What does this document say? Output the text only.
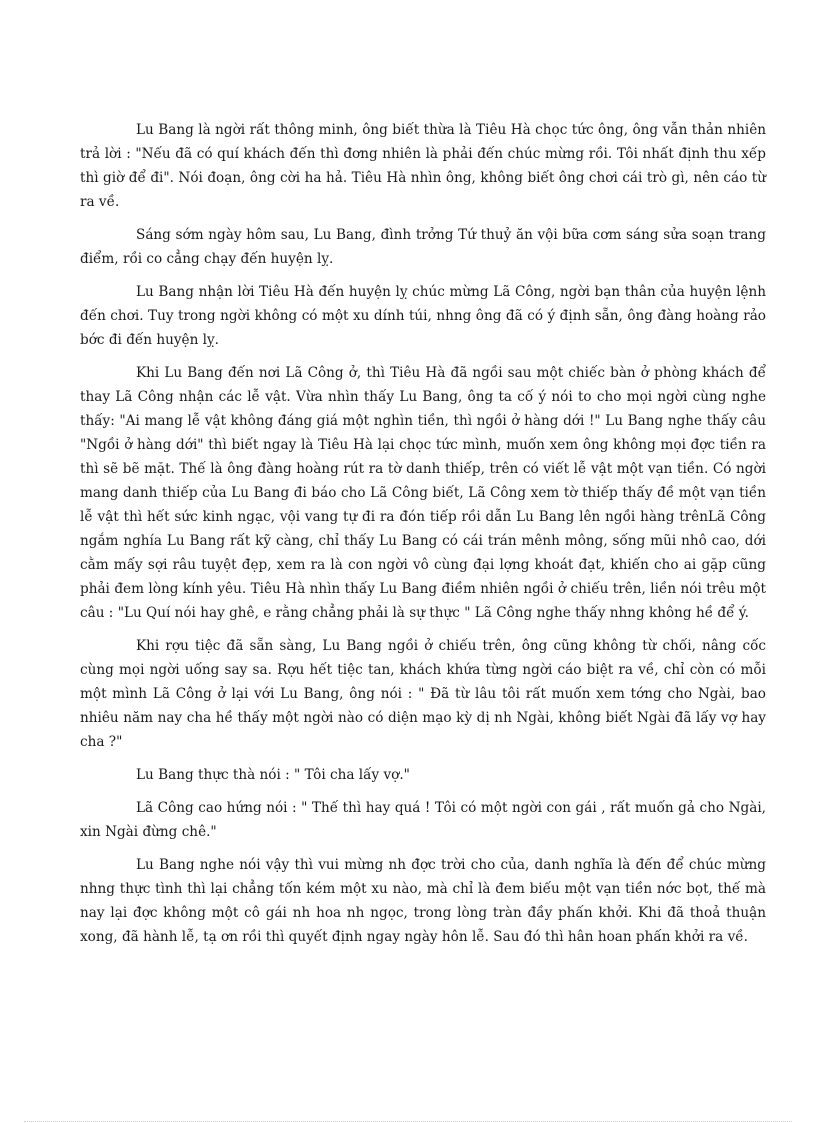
Lu Bang là ngời rất thông minh, ông biết thừa là Tiêu Hà chọc tức ông, ông vẫn thản nhiên trả lời : "Nếu đã có quí khách đến thì đơng nhiên là phải đến chúc mừng rồi. Tôi nhất định thu xếp thì giờ để đi". Nói đoạn, ông cời ha hả. Tiêu Hà nhìn ông, không biết ông chơi cái trò gì, nên cáo từ ra về.

Sáng sớm ngày hôm sau, Lu Bang, đình trởng Tứ thuỷ ăn vội bữa cơm sáng sửa soạn trang điểm, rồi co cẳng chạy đến huyện lỵ.

Lu Bang nhận lời Tiêu Hà đến huyện lỵ chúc mừng Lã Công, ngời bạn thân của huyện lệnh đến chơi. Tuy trong ngời không có một xu dính túi, nhng ông đã có ý định sẵn, ông đàng hoàng rảo bớc đi đến huyện lỵ.

Khi Lu Bang đến nơi Lã Công ở, thì Tiêu Hà đã ngồi sau một chiếc bàn ở phòng khách để thay Lã Công nhận các lễ vật. Vừa nhìn thấy Lu Bang, ông ta cố ý nói to cho mọi ngời cùng nghe thấy: "Ai mang lễ vật không đáng giá một nghìn tiền, thì ngồi ở hàng dới !" Lu Bang nghe thấy câu "Ngồi ở hàng dới" thì biết ngay là Tiêu Hà lại chọc tức mình, muốn xem ông không mọi đợc tiền ra thì sẽ bẽ mặt. Thế là ông đàng hoàng rút ra tờ danh thiếp, trên có viết lễ vật một vạn tiền. Có ngời mang danh thiếp của Lu Bang đi báo cho Lã Công biết, Lã Công xem tờ thiếp thấy đề một vạn tiền lễ vật thì hết sức kinh ngạc, vội vang tự đi ra đón tiếp rồi dẫn Lu Bang lên ngồi hàng trênLã Công ngắm nghía Lu Bang rất kỹ càng, chỉ thấy Lu Bang có cái trán mênh mông, sống mũi nhô cao, dới cằm mấy sợi râu tuyệt đẹp, xem ra là con ngời vô cùng đại lợng khoát đạt, khiến cho ai gặp cũng phải đem lòng kính yêu. Tiêu Hà nhìn thấy Lu Bang điềm nhiên ngồi ở chiếu trên, liền nói trêu một câu : "Lu Quí nói hay ghê, e rằng chẳng phải là sự thực " Lã Công nghe thấy nhng không hề để ý.

Khi rợu tiệc đã sẵn sàng, Lu Bang ngồi ở chiếu trên, ông cũng không từ chối, nâng cốc cùng mọi ngời uống say sa. Rợu hết tiệc tan, khách khứa từng ngời cáo biệt ra về, chỉ còn có mỗi một mình Lã Công ở lại với Lu Bang, ông nói : " Đã từ lâu tôi rất muốn xem tớng cho Ngài, bao nhiêu năm nay cha hề thấy một ngời nào có diện mạo kỳ dị nh Ngài, không biết Ngài đã lấy vợ hay cha ?"

Lu Bang thực thà nói : " Tôi cha lấy vợ."

Lã Công cao hứng nói : " Thế thì hay quá ! Tôi có một ngời con gái , rất muốn gả cho Ngài, xin Ngài đừng chê."

Lu Bang nghe nói vậy thì vui mừng nh đợc trời cho của, danh nghĩa là đến để chúc mừng nhng thực tình thì lại chẳng tốn kém một xu nào, mà chỉ là đem biếu một vạn tiền nớc bọt, thế mà nay lại đợc không một cô gái nh hoa nh ngọc, trong lòng tràn đầy phấn khởi. Khi đã thoả thuận xong, đã hành lễ, tạ ơn rồi thì quyết định ngay ngày hôn lễ. Sau đó thì hân hoan phấn khởi ra về.
